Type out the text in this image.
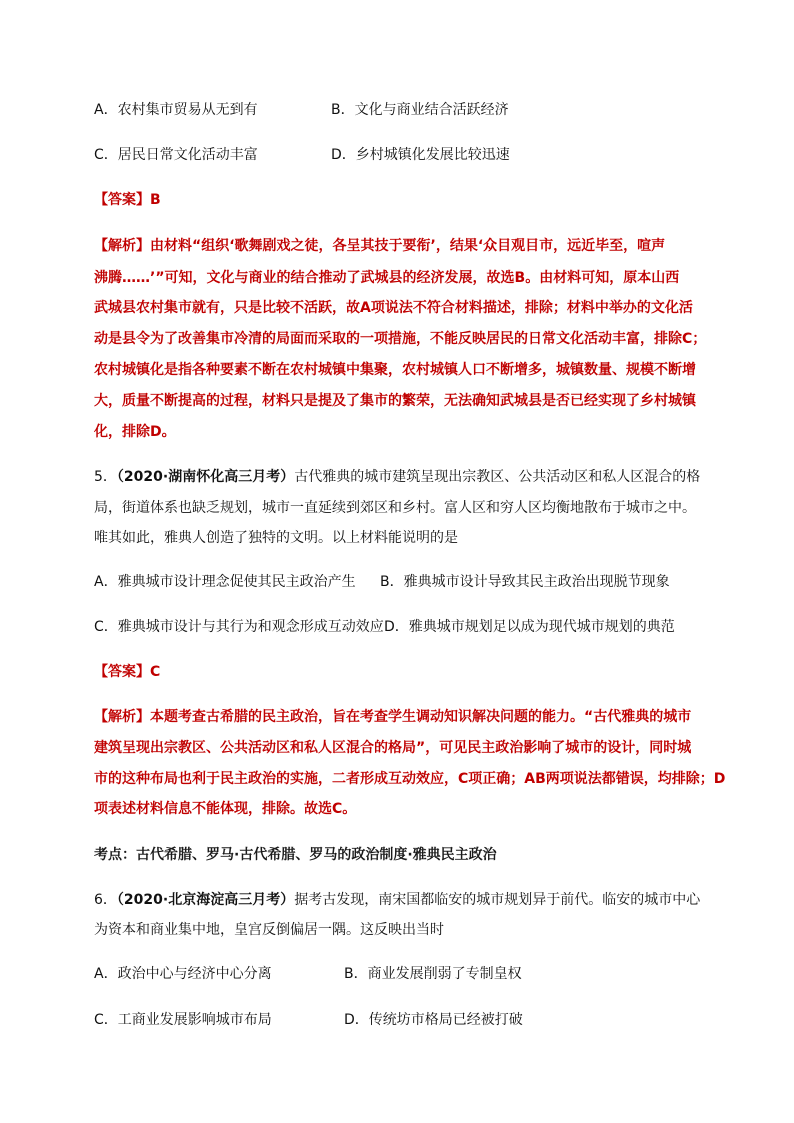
A．农村集市贸易从无到有	B．文化与商业结合活跃经济
C．居民日常文化活动丰富	D．乡村城镇化发展比较迅速
【答案】B
【解析】由材料“组织‘歌舞剧戏之徒，各呈其技于要衔’，结果‘众目观目市，远近毕至，喧声
沸腾……’”可知，文化与商业的结合推动了武城县的经济发展，故选B。由材料可知，原本山西
武城县农村集市就有，只是比较不活跃，故A项说法不符合材料描述，排除；材料中举办的文化活
动是县令为了改善集市冷清的局面而采取的一项措施，不能反映居民的日常文化活动丰富，排除C；
农村城镇化是指各种要素不断在农村城镇中集聚，农村城镇人口不断增多，城镇数量、规模不断增
大，质量不断提高的过程，材料只是提及了集市的繁荣，无法确知武城县是否已经实现了乡村城镇
化，排除D。
5．（2020·湖南怀化高三月考）古代雅典的城市建筑呈现出宗教区、公共活动区和私人区混合的格
局，街道体系也缺乏规划，城市一直延续到郊区和乡村。富人区和穷人区均衡地散布于城市之中。
唯其如此，雅典人创造了独特的文明。以上材料能说明的是
A．雅典城市设计理念促使其民主政治产生 B．雅典城市设计导致其民主政治出现脱节现象
C．雅典城市设计与其行为和观念形成互动效应 D．雅典城市规划足以成为现代城市规划的典范
【答案】C
【解析】本题考查古希腊的民主政治，旨在考查学生调动知识解决问题的能力。“古代雅典的城市
建筑呈现出宗教区、公共活动区和私人区混合的格局”，可见民主政治影响了城市的设计，同时城
市的这种布局也利于民主政治的实施，二者形成互动效应，C项正确；AB两项说法都错误，均排除；D
项表述材料信息不能体现，排除。故选C。
考点：古代希腊、罗马·古代希腊、罗马的政治制度·雅典民主政治
6．（2020·北京海淀高三月考）据考古发现，南宋国都临安的城市规划异于前代。临安的城市中心
为资本和商业集中地，皇宫反倒偏居一隅。这反映出当时
A．政治中心与经济中心分离	B．商业发展削弱了专制皇权
C．工商业发展影响城市布局	D．传统坊市格局已经被打破
